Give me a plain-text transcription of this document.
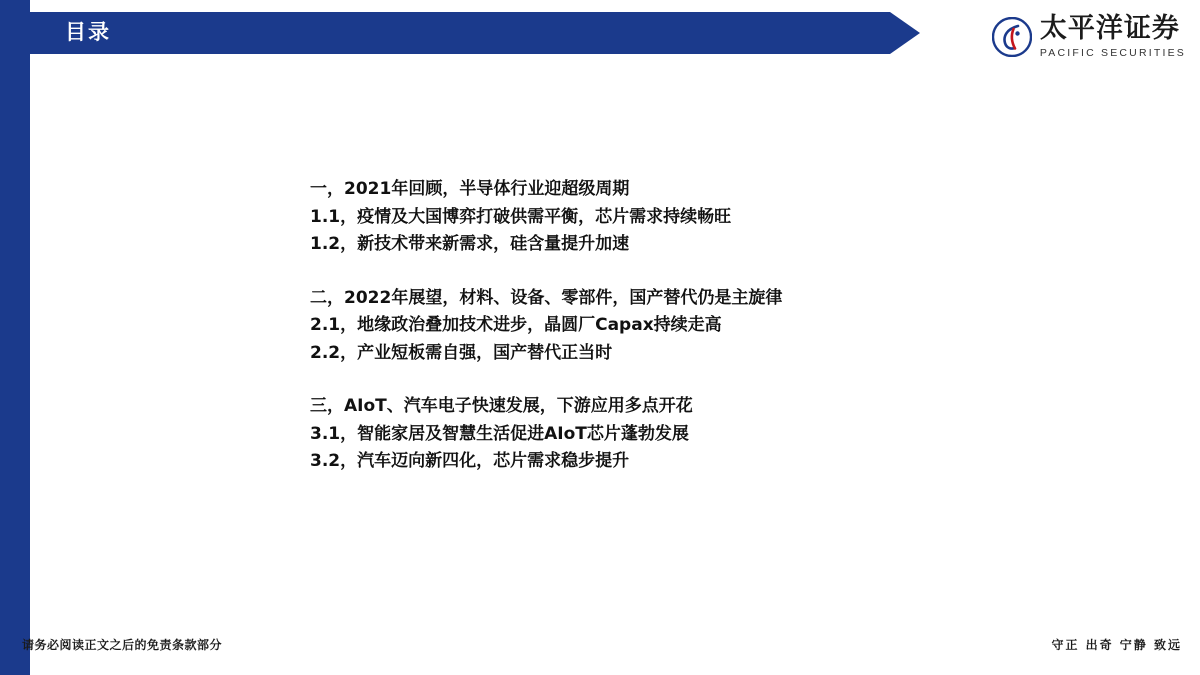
目录	太平洋证券
PACIFIC SECURITIES
一，2021年回顾，半导体行业迎超级周期
1.1，疫情及大国博弈打破供需平衡，芯片需求持续畅旺
1.2，新技术带来新需求，硅含量提升加速
二，2022年展望，材料、设备、零部件，国产替代仍是主旋律
2.1，地缘政治叠加技术进步，晶圆厂Capax持续走高
2.2，产业短板需自强，国产替代正当时
三，AIoT、汽车电子快速发展，下游应用多点开花
3.1，智能家居及智慧生活促进AIoT芯片蓬勃发展
3.2，汽车迈向新四化，芯片需求稳步提升
请务必阅读正文之后的免责条款部分	守正 出奇 宁静 致远
